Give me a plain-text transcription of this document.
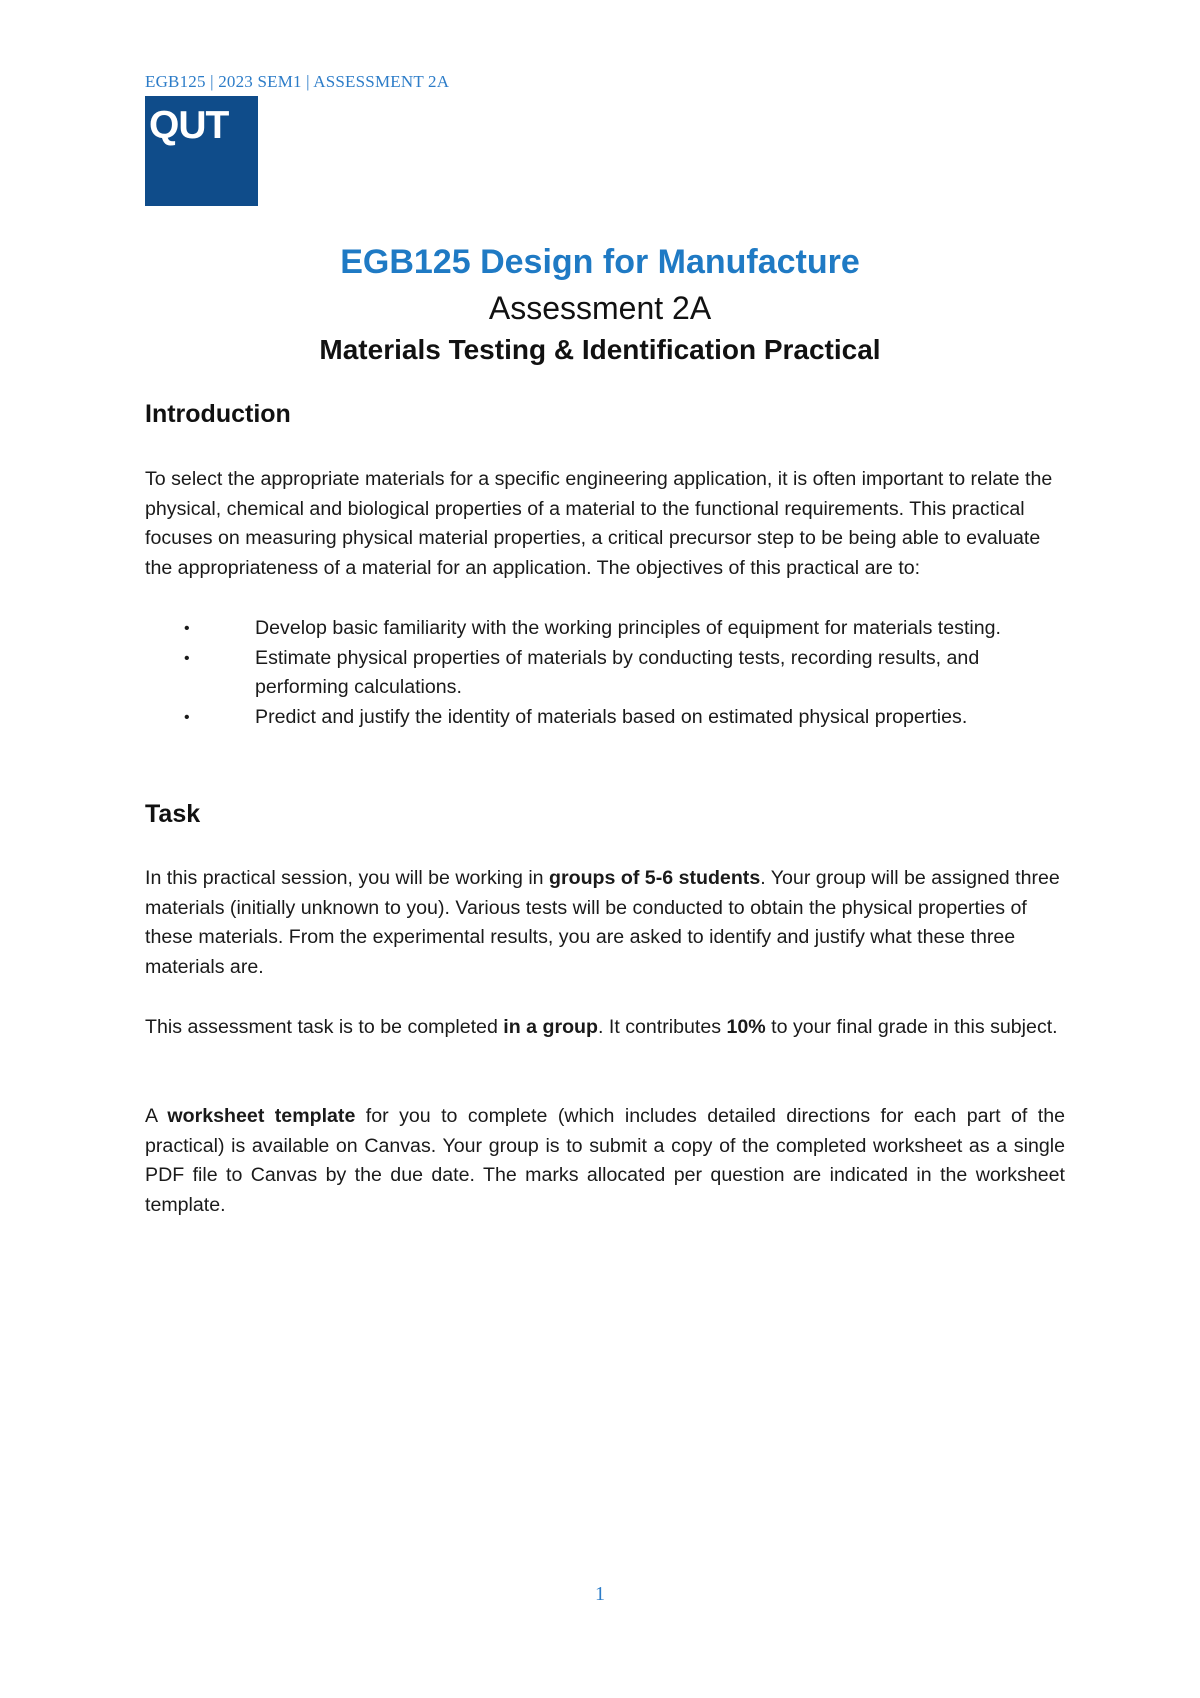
EGB125 | 2023 SEM1 | ASSESSMENT 2A
QUT
EGB125 Design for Manufacture
Assessment 2A
Materials Testing & Identification Practical
Introduction
To select the appropriate materials for a specific engineering application, it is often important to relate the physical, chemical and biological properties of a material to the functional requirements. This practical focuses on measuring physical material properties, a critical precursor step to be being able to evaluate the appropriateness of a material for an application. The objectives of this practical are to:
•	Develop basic familiarity with the working principles of equipment for materials testing.
•	Estimate physical properties of materials by conducting tests, recording results, and performing calculations.
•	Predict and justify the identity of materials based on estimated physical properties.
Task
In this practical session, you will be working in groups of 5-6 students. Your group will be assigned three materials (initially unknown to you). Various tests will be conducted to obtain the physical properties of these materials. From the experimental results, you are asked to identify and justify what these three materials are.
This assessment task is to be completed in a group. It contributes 10% to your final grade in this subject.
A worksheet template for you to complete (which includes detailed directions for each part of the practical) is available on Canvas. Your group is to submit a copy of the completed worksheet as a single PDF file to Canvas by the due date. The marks allocated per question are indicated in the worksheet template.
1
